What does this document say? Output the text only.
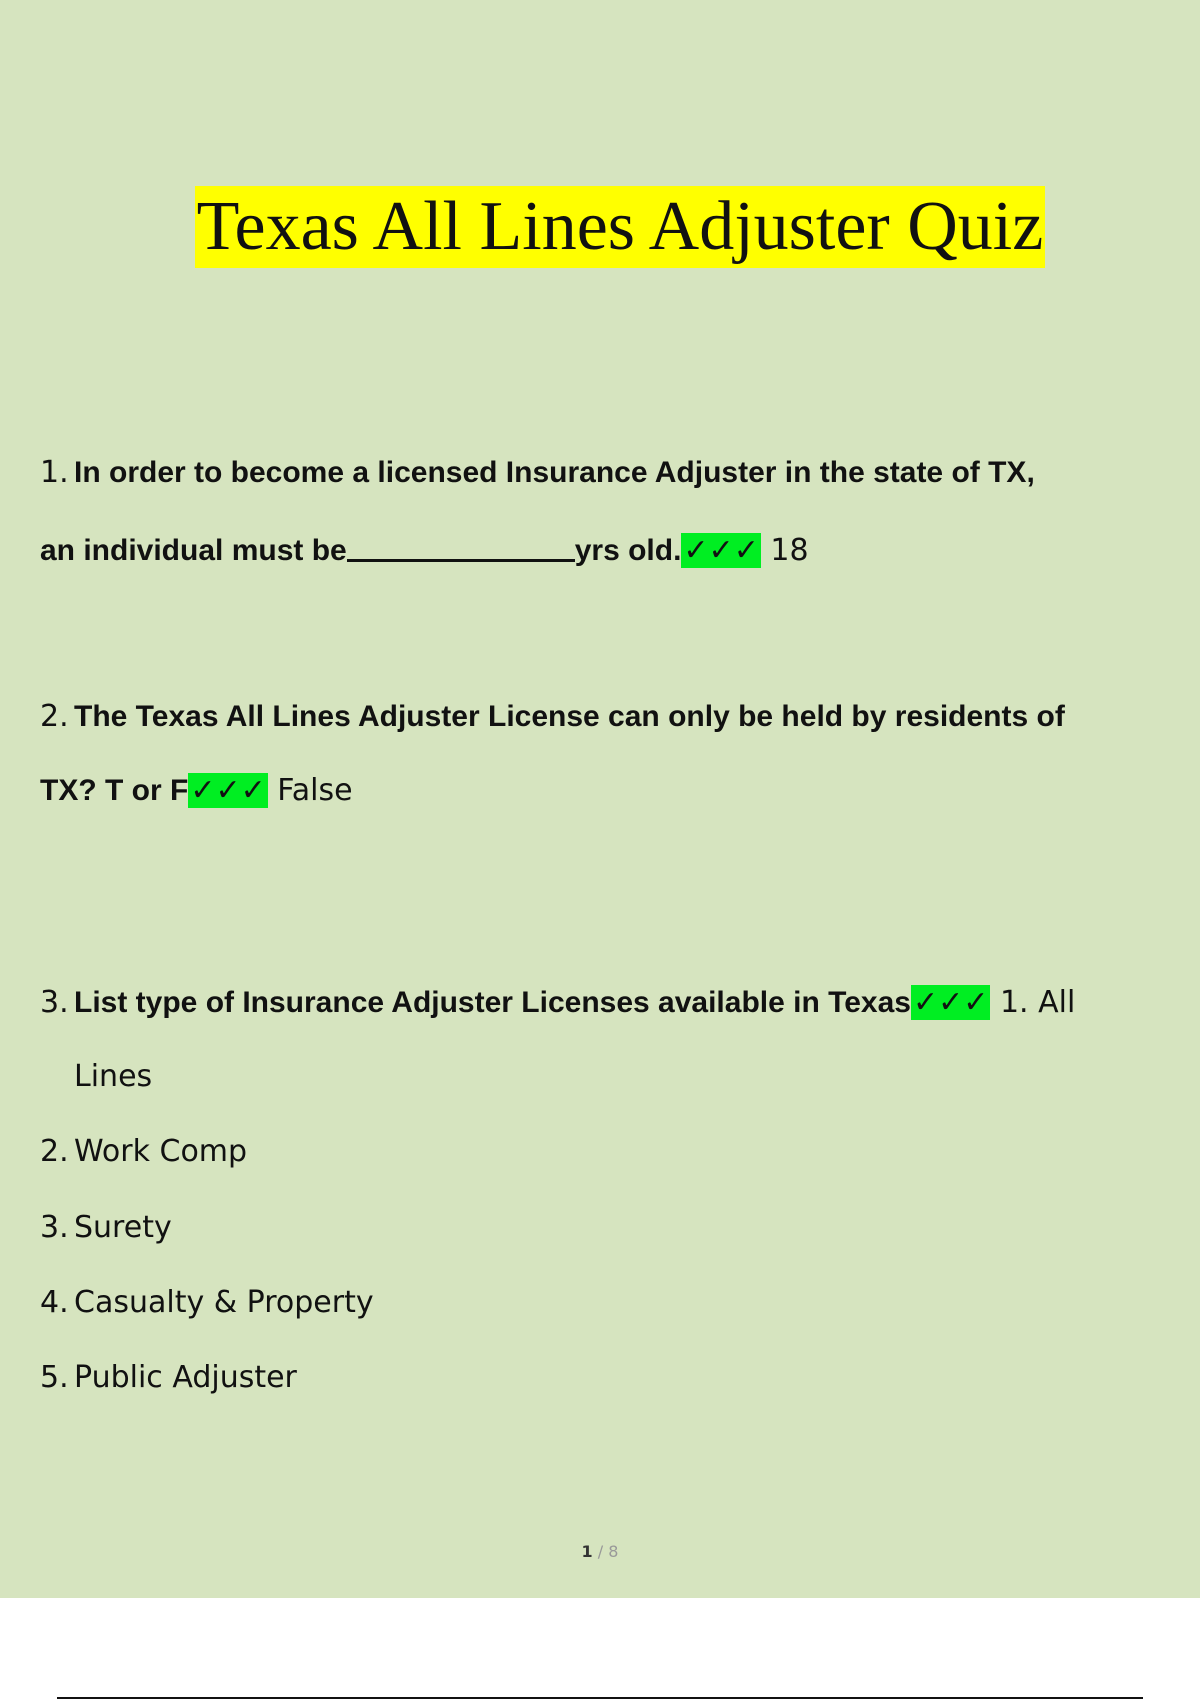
Texas All Lines Adjuster Quiz
1. In order to become a licensed Insurance Adjuster in the state of TX,
an individual must be	yrs old.✓✓✓ 18
2. The Texas All Lines Adjuster License can only be held by residents of
TX? T or F✓✓✓ False
3. List type of Insurance Adjuster Licenses available in Texas✓✓✓ 1. All
Lines
2. Work Comp
3. Surety
4. Casualty & Property
5. Public Adjuster
1 / 8
